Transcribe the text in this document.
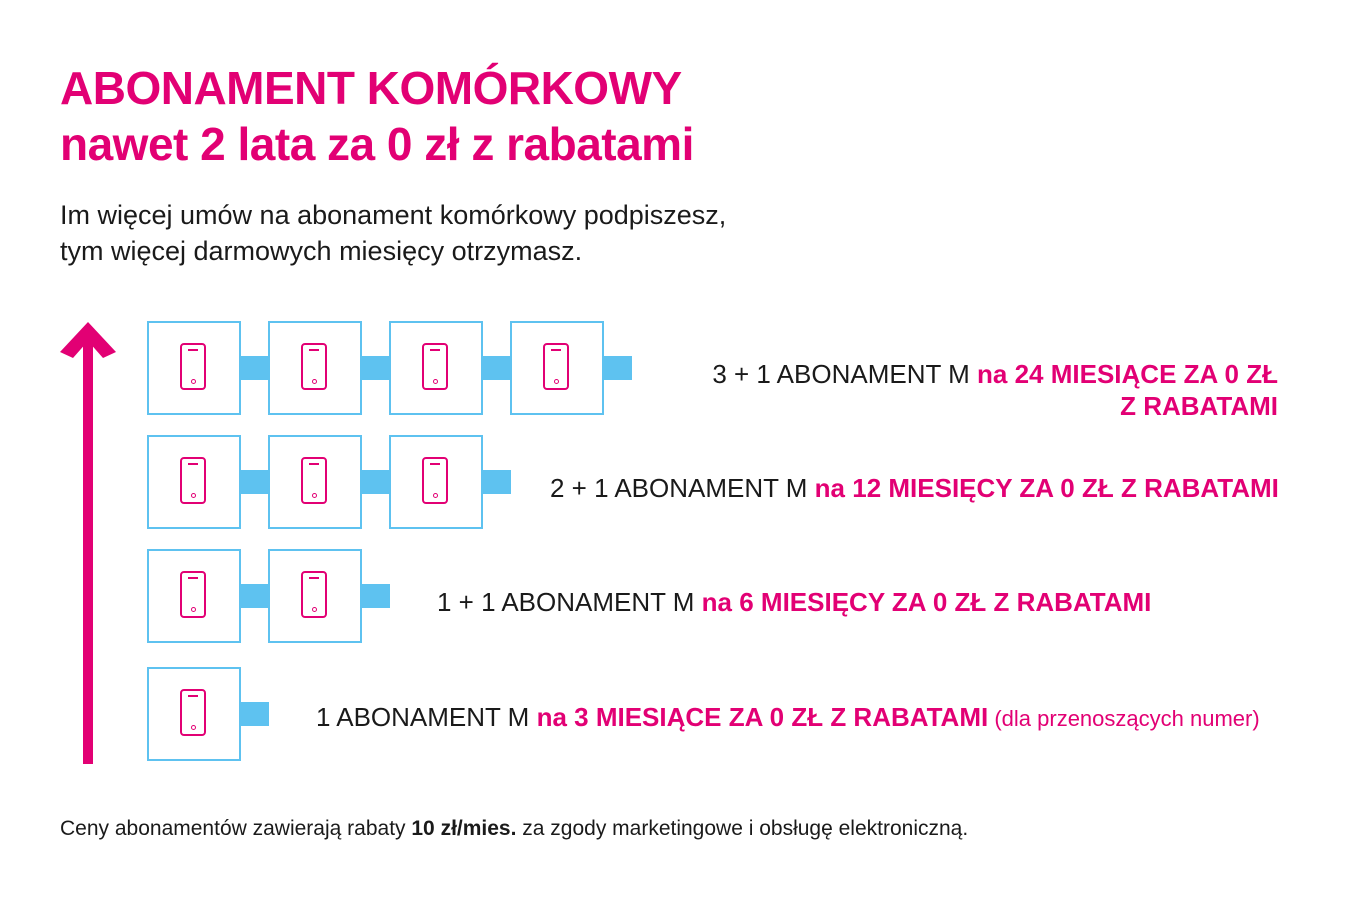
ABONAMENT KOMÓRKOWY
nawet 2 lata za 0 zł z rabatami
Im więcej umów na abonament komórkowy podpiszesz,
tym więcej darmowych miesięcy otrzymasz.
3 + 1 ABONAMENT M na 24 MIESIĄCE ZA 0 ZŁ
Z RABATAMI
2 + 1 ABONAMENT M na 12 MIESIĘCY ZA 0 ZŁ Z RABATAMI
1 + 1 ABONAMENT M na 6 MIESIĘCY ZA 0 ZŁ Z RABATAMI
1 ABONAMENT M na 3 MIESIĄCE ZA 0 ZŁ Z RABATAMI (dla przenoszących numer)
Ceny abonamentów zawierają rabaty 10 zł/mies. za zgody marketingowe i obsługę elektroniczną.
